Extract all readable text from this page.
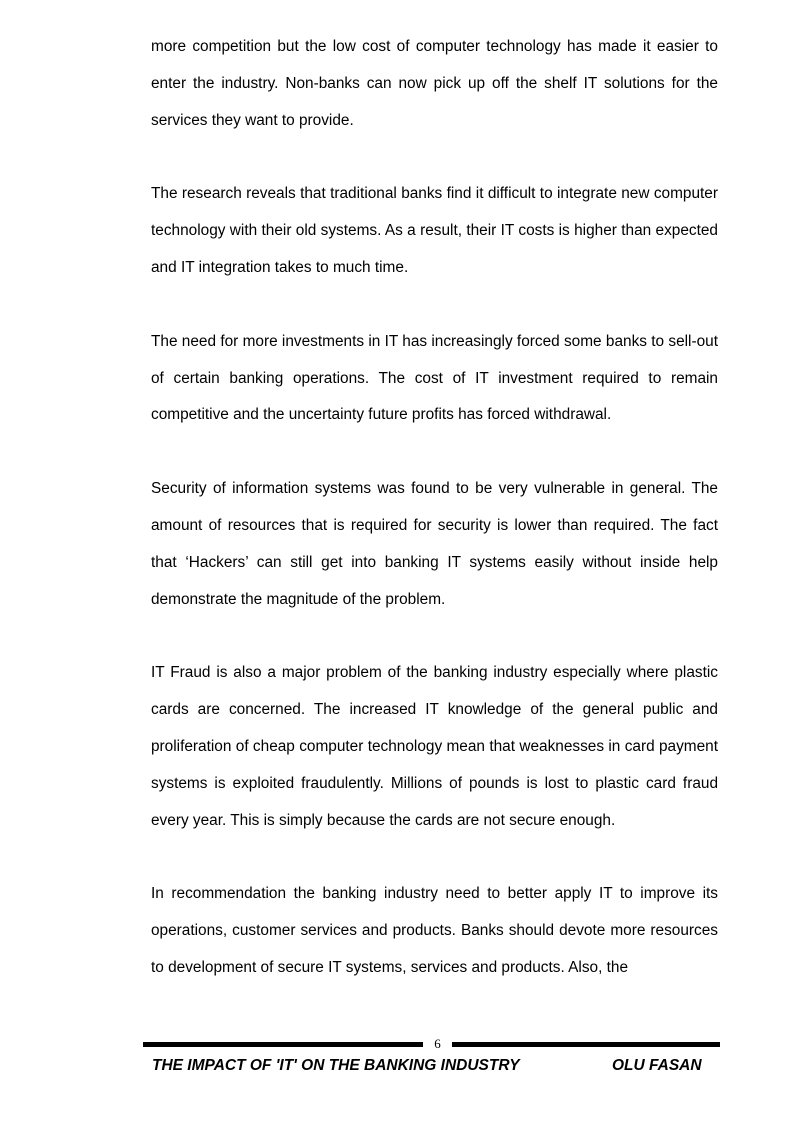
more competition but the low cost of computer technology has made it easier to enter the industry. Non-banks can now pick up off the shelf IT solutions for the services they want to provide.

The research reveals that traditional banks find it difficult to integrate new computer technology with their old systems. As a result, their IT costs is higher than expected and IT integration takes to much time.

The need for more investments in IT has increasingly forced some banks to sell-out of certain banking operations. The cost of IT investment required to remain competitive and the uncertainty future profits has forced withdrawal.

Security of information systems was found to be very vulnerable in general. The amount of resources that is required for security is lower than required. The fact that ‘Hackers’ can still get into banking IT systems easily without inside help demonstrate the magnitude of the problem.

IT Fraud is also a major problem of the banking industry especially where plastic cards are concerned. The increased IT knowledge of the general public and proliferation of cheap computer technology mean that weaknesses in card payment systems is exploited fraudulently. Millions of pounds is lost to plastic card fraud every year. This is simply because the cards are not secure enough.

In recommendation the banking industry need to better apply IT to improve its operations, customer services and products. Banks should devote more resources to development of secure IT systems, services and products. Also, the

6
THE IMPACT OF 'IT' ON THE BANKING INDUSTRY	OLU FASAN
